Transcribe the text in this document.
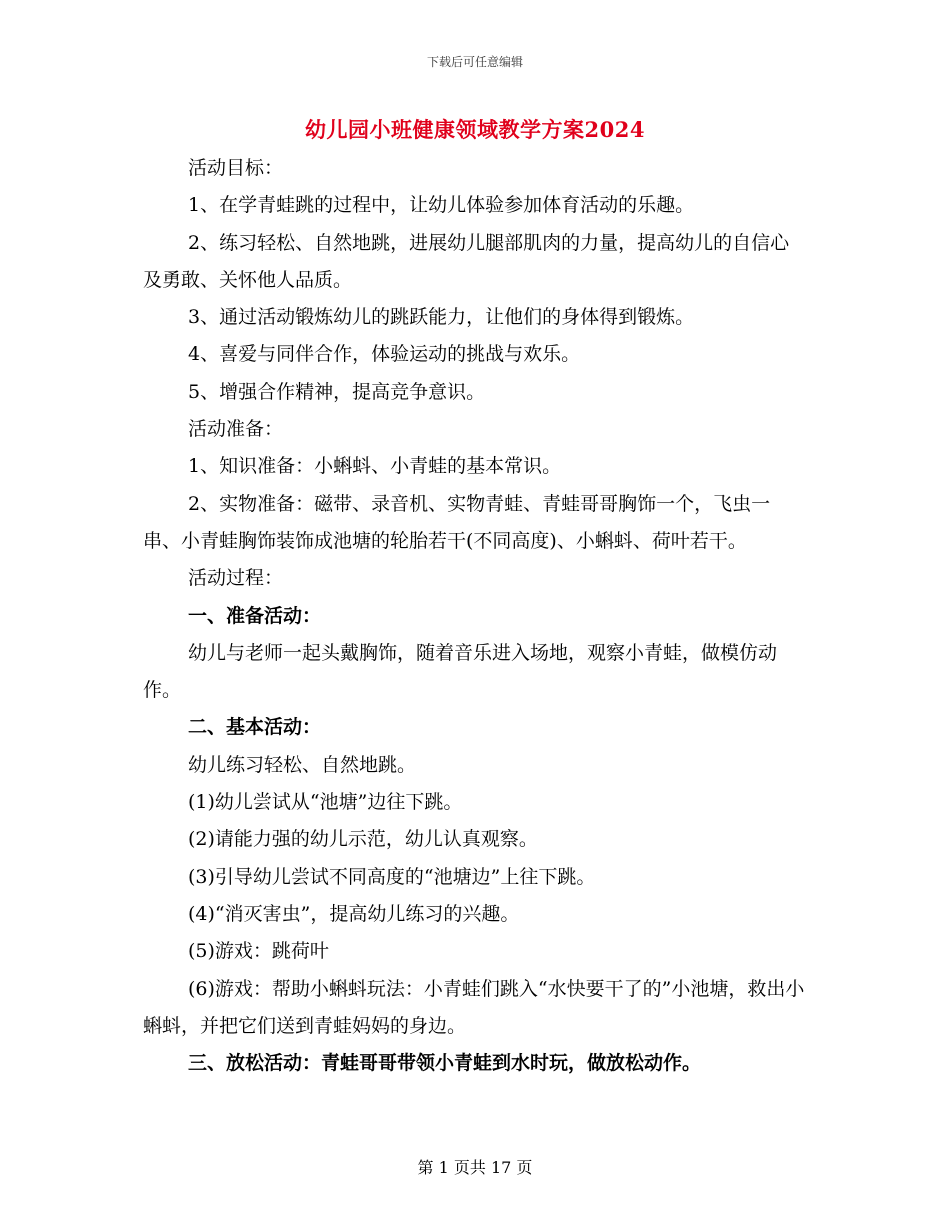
下载后可任意编辑
幼儿园小班健康领域教学方案2024

活动目标：

1、在学青蛙跳的过程中，让幼儿体验参加体育活动的乐趣。

2、练习轻松、自然地跳，进展幼儿腿部肌肉的力量，提高幼儿的自信心及勇敢、关怀他人品质。

3、通过活动锻炼幼儿的跳跃能力，让他们的身体得到锻炼。

4、喜爱与同伴合作，体验运动的挑战与欢乐。

5、增强合作精神，提高竞争意识。

活动准备：

1、知识准备：小蝌蚪、小青蛙的基本常识。

2、实物准备：磁带、录音机、实物青蛙、青蛙哥哥胸饰一个，飞虫一串、小青蛙胸饰装饰成池塘的轮胎若干(不同高度)、小蝌蚪、荷叶若干。

活动过程：

一、准备活动：

幼儿与老师一起头戴胸饰，随着音乐进入场地，观察小青蛙，做模仿动作。

二、基本活动：

幼儿练习轻松、自然地跳。

(1)幼儿尝试从“池塘”边往下跳。

(2)请能力强的幼儿示范，幼儿认真观察。

(3)引导幼儿尝试不同高度的“池塘边”上往下跳。

(4)“消灭害虫”，提高幼儿练习的兴趣。

(5)游戏：跳荷叶

(6)游戏：帮助小蝌蚪玩法：小青蛙们跳入“水快要干了的”小池塘，救出小蝌蚪，并把它们送到青蛙妈妈的身边。

三、放松活动：青蛙哥哥带领小青蛙到水时玩，做放松动作。

第 1 页共 17 页
